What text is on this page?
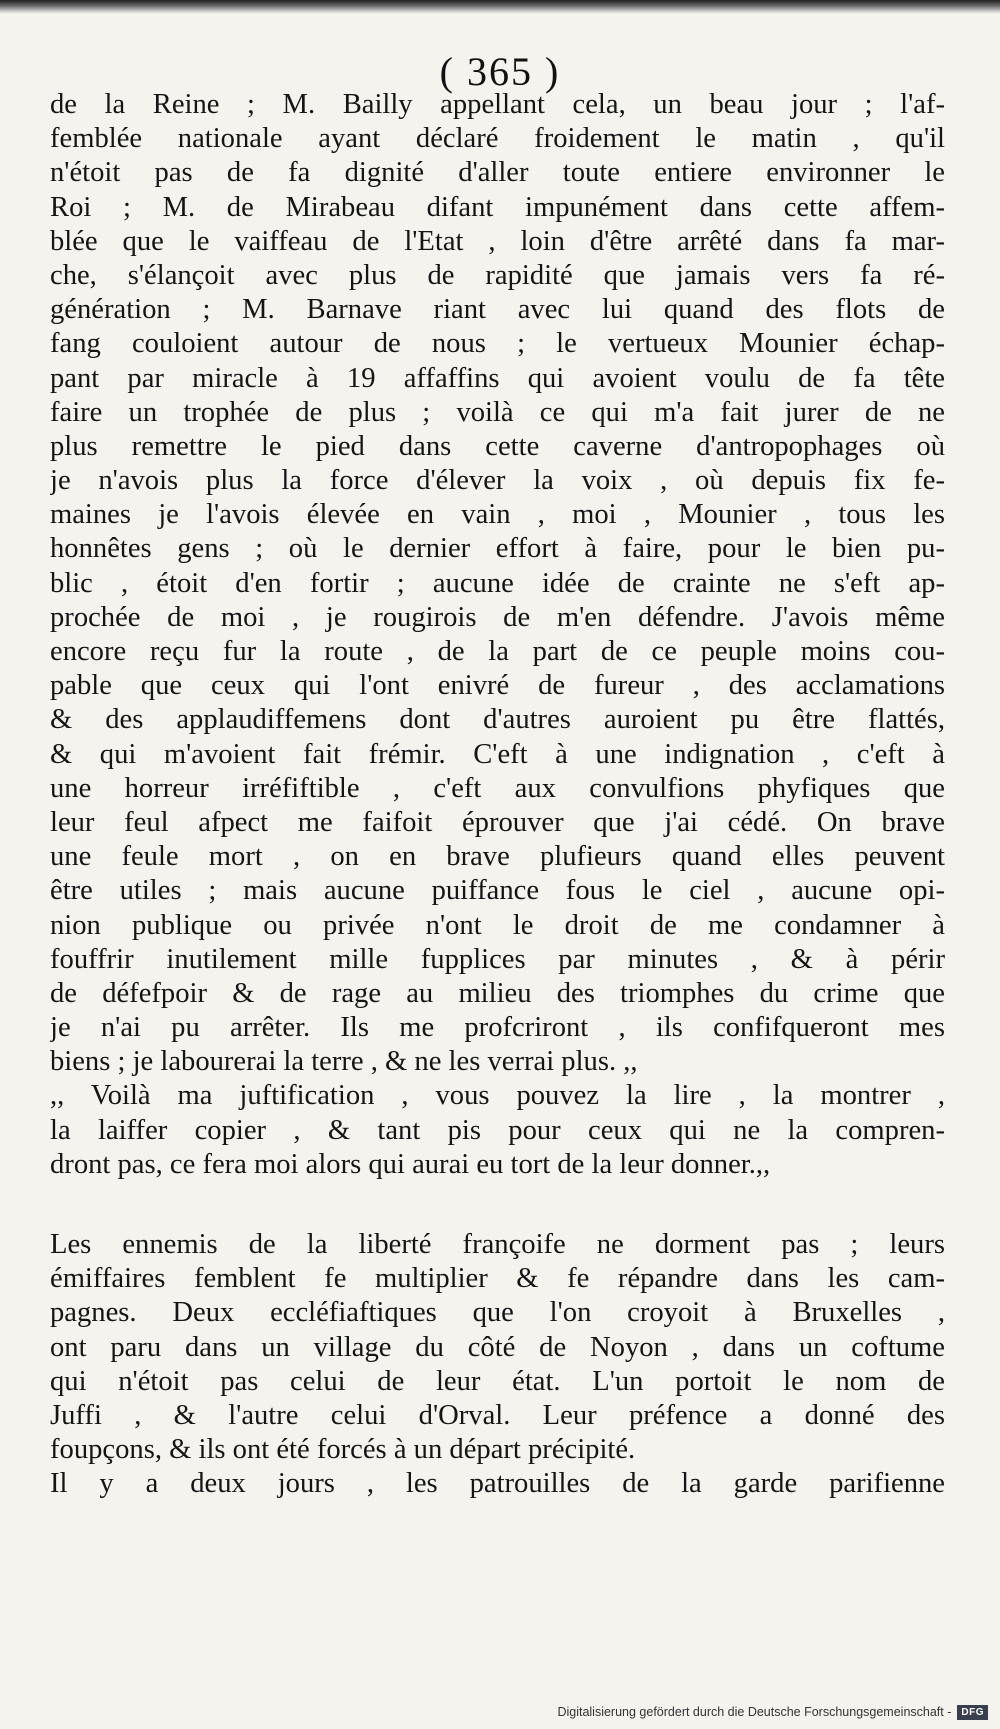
( 365 )
de la Reine ; M. Bailly appellant cela, un beau jour ; l'af-
femblée nationale ayant déclaré froidement le matin , qu'il
n'étoit pas de fa dignité d'aller toute entiere environner le
Roi ; M. de Mirabeau difant impunément dans cette affem-
blée que le vaiffeau de l'Etat , loin d'être arrêté dans fa mar-
che, s'élançoit avec plus de rapidité que jamais vers fa ré-
génération ; M. Barnave riant avec lui quand des flots de
fang couloient autour de nous ; le vertueux Mounier échap-
pant par miracle à 19 affaffins qui avoient voulu de fa tête
faire un trophée de plus ; voilà ce qui m'a fait jurer de ne
plus remettre le pied dans cette caverne d'antropophages où
je n'avois plus la force d'élever la voix , où depuis fix fe-
maines je l'avois élevée en vain , moi , Mounier , tous les
honnêtes gens ; où le dernier effort à faire, pour le bien pu-
blic , étoit d'en fortir ; aucune idée de crainte ne s'eft ap-
prochée de moi , je rougirois de m'en défendre. J'avois même
encore reçu fur la route , de la part de ce peuple moins cou-
pable que ceux qui l'ont enivré de fureur , des acclamations
& des applaudiffemens dont d'autres auroient pu être flattés,
& qui m'avoient fait frémir. C'eft à une indignation , c'eft à
une horreur irréfiftible , c'eft aux convulfions phyfiques que
leur feul afpect me faifoit éprouver que j'ai cédé. On brave
une feule mort , on en brave plufieurs quand elles peuvent
être utiles ; mais aucune puiffance fous le ciel , aucune opi-
nion publique ou privée n'ont le droit de me condamner à
fouffrir inutilement mille fupplices par minutes , & à périr
de défefpoir & de rage au milieu des triomphes du crime que
je n'ai pu arrêter. Ils me profcriront , ils confifqueront mes
biens ; je labourerai la terre , & ne les verrai plus. ,,
,, Voilà ma juftification , vous pouvez la lire , la montrer ,
la laiffer copier , & tant pis pour ceux qui ne la compren-
dront pas, ce fera moi alors qui aurai eu tort de la leur donner.,,
Les ennemis de la liberté françoife ne dorment pas ; leurs
émiffaires femblent fe multiplier & fe répandre dans les cam-
pagnes. Deux eccléfiaftiques que l'on croyoit à Bruxelles ,
ont paru dans un village du côté de Noyon , dans un coftume
qui n'étoit pas celui de leur état. L'un portoit le nom de
Juffi , & l'autre celui d'Orval. Leur préfence a donné des
foupçons, & ils ont été forcés à un départ précipité.
Il y a deux jours , les patrouilles de la garde parifienne
Digitalisierung gefördert durch die Deutsche Forschungsgemeinschaft -	DFG
